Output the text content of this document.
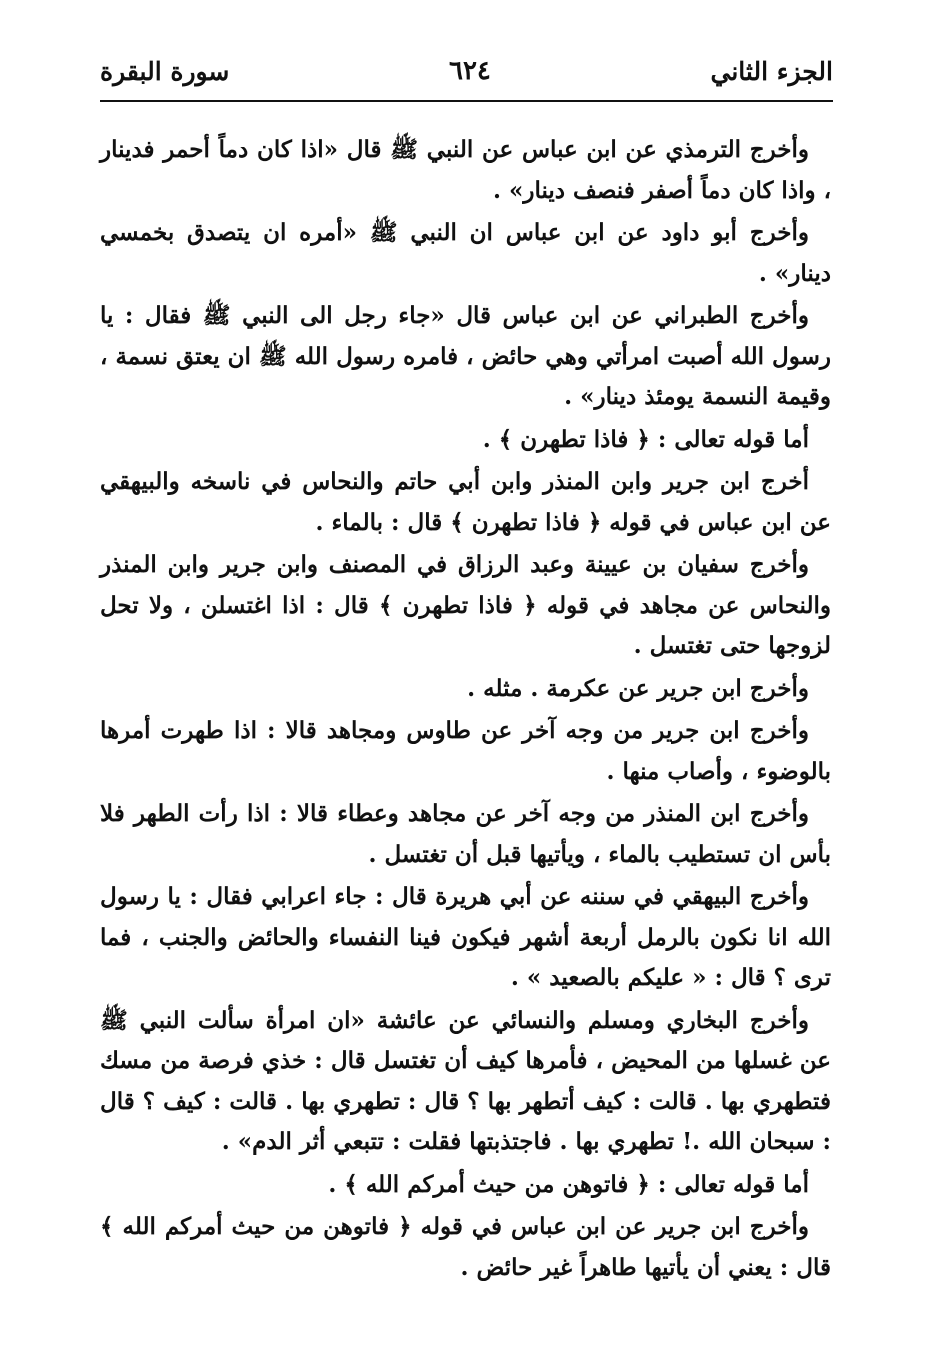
سورة البقرة	٦٢٤	الجزء الثاني

وأخرج الترمذي عن ابن عباس عن النبي ﷺ قال «اذا كان دماً أحمر فدينار ، واذا كان دماً أصفر فنصف دينار» .

وأخرج أبو داود عن ابن عباس ان النبي ﷺ «أمره ان يتصدق بخمسي دينار» .

وأخرج الطبراني عن ابن عباس قال «جاء رجل الى النبي ﷺ فقال : يا رسول الله أصبت امرأتي وهي حائض ، فامره رسول الله ﷺ ان يعتق نسمة ، وقيمة النسمة يومئذ دينار» .

أما قوله تعالى : ﴿ فاذا تطهرن ﴾ .

أخرج ابن جرير وابن المنذر وابن أبي حاتم والنحاس في ناسخه والبيهقي عن ابن عباس في قوله ﴿ فاذا تطهرن ﴾ قال : بالماء .

وأخرج سفيان بن عيينة وعبد الرزاق في المصنف وابن جرير وابن المنذر والنحاس عن مجاهد في قوله ﴿ فاذا تطهرن ﴾ قال : اذا اغتسلن ، ولا تحل لزوجها حتى تغتسل .

وأخرج ابن جرير عن عكرمة . مثله .

وأخرج ابن جرير من وجه آخر عن طاوس ومجاهد قالا : اذا طهرت أمرها بالوضوء ، وأصاب منها .

وأخرج ابن المنذر من وجه آخر عن مجاهد وعطاء قالا : اذا رأت الطهر فلا بأس ان تستطيب بالماء ، ويأتيها قبل أن تغتسل .

وأخرج البيهقي في سننه عن أبي هريرة قال : جاء اعرابي فقال : يا رسول الله انا نكون بالرمل أربعة أشهر فيكون فينا النفساء والحائض والجنب ، فما ترى ؟ قال : « عليكم بالصعيد » .

وأخرج البخاري ومسلم والنسائي عن عائشة «ان امرأة سألت النبي ﷺ عن غسلها من المحيض ، فأمرها كيف أن تغتسل قال : خذي فرصة من مسك فتطهري بها . قالت : كيف أتطهر بها ؟ قال : تطهري بها . قالت : كيف ؟ قال : سبحان الله .! تطهري بها . فاجتذبتها فقلت : تتبعي أثر الدم» .

أما قوله تعالى : ﴿ فاتوهن من حيث أمركم الله ﴾ .

وأخرج ابن جرير عن ابن عباس في قوله ﴿ فاتوهن من حيث أمركم الله ﴾ قال : يعني أن يأتيها طاهراً غير حائض .
